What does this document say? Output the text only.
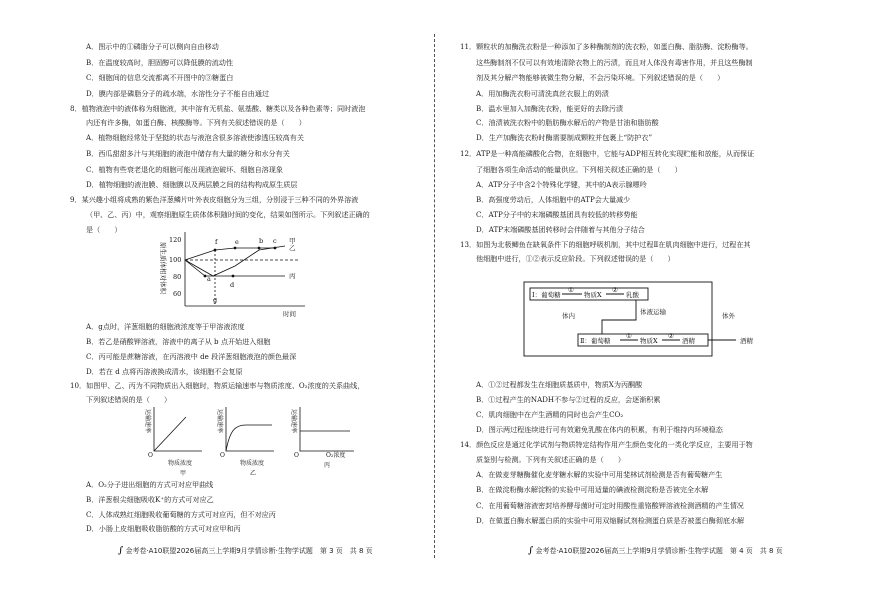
A．图示中的①磷脂分子可以侧向自由移动
B．在温度较高时，胆固醇可以降低膜的流动性
C．细胞间的信息交流都离不开图中的③糖蛋白
D．膜内部是磷脂分子的疏水端，水溶性分子不能自由通过
8．植物液泡中的液体称为细胞液，其中溶有无机盐、氨基酸、糖类以及各种色素等；同时液泡
内还有许多酶，如蛋白酶、核酸酶等。下列有关叙述错误的是（　　）
A．植物细胞经常处于坚挺的状态与液泡含很多溶液使渗透压较高有关
B．西瓜甜甜多汁与其细胞的液泡中储存有大量的糖分和水分有关
C．植物有些衰老退化的细胞可能出现液泡破坏、细胞自溶现象
D．植物细胞的液泡膜、细胞膜以及两层膜之间的结构构成原生质层
9．某兴趣小组将成熟的紫色洋葱鳞片叶外表皮细胞分为三组，分别浸于三种不同的外界溶液
（甲、乙、丙）中，观察细胞原生质体体积随时间的变化，结果如图所示。下列叙述正确的
是（　　）
原生质体相对体积
120
100
80
60
时间
f	e	b c
a
d
g
甲
乙
丙
A．g点时，洋葱细胞的细胞液浓度等于甲溶液浓度
B．若乙是硝酸钾溶液，溶液中的离子从 b 点开始进入细胞
C．丙可能是蔗糖溶液，在丙溶液中 de 段洋葱细胞液泡的颜色最深
D．若在 d 点将丙溶液换成清水，该细胞不会复原
10．如图甲、乙、丙为不同物质出入细胞时，物质运输速率与物质浓度、O₂浓度的关系曲线，
下列叙述错误的是（　　）
运输速率	运输速率	运输速率
O	O	O
物质浓度	物质浓度
O₂浓度
甲	乙
丙
A．O₂分子进出细胞的方式可对应甲曲线
B．洋葱根尖细胞吸收K⁺的方式可对应乙
C．人体成熟红细胞吸收葡萄糖的方式可对应丙，但不对应丙
D．小肠上皮细胞吸收脂肪酸的方式可对应甲和丙
∫ 金考卷·A10联盟2026届高三上学期9月学情诊断·生物学试题　第 3 页　共 8 页
11．颗粒状的加酶洗衣粉是一种添加了多种酶制剂的洗衣粉，如蛋白酶、脂肪酶、淀粉酶等。
这些酶制剂不仅可以有效地清除衣物上的污渍，而且对人体没有毒害作用，并且这些酶制
剂及其分解产物能够被微生物分解，不会污染环境。下列叙述错误的是（　　）
A．用加酶洗衣粉可清洗真丝衣服上的奶渍
B．温水里加入加酶洗衣粉，能更好的去除污渍
C．油渍被洗衣粉中的脂肪酶水解后的产物是甘油和脂肪酸
D．生产加酶洗衣粉时酶需要制成颗粒并包裹上“防护衣”
12．ATP是一种高能磷酸化合物，在细胞中，它能与ADP相互转化实现贮能和放能，从而保证
了细胞各项生命活动的能量供应。下列相关叙述正确的是（　　）
A．ATP分子中含2个特殊化学键，其中的A表示腺嘌呤
B．高强度劳动后，人体细胞中的ATP会大量减少
C．ATP分子中的末端磷酸基团具有较低的转移势能
D．ATP末端磷酸基团转移时会伴随着与其他分子结合
13．如图为北极鲫鱼在缺氧条件下的细胞呼吸机制，其中过程Ⅱ在肌肉细胞中进行，过程在其
他细胞中进行，①②表示反应阶段。下列叙述错误的是（　　）
Ⅰ：葡萄糖
①
物质X
②
乳酸
体内	体液运输	体外
Ⅱ：葡萄糖
①
物质X
②
酒精	酒精
A．①②过程都发生在细胞质基质中，物质X为丙酮酸
B．①过程产生的NADH不参与②过程的反应，会逐渐积累
C．肌肉细胞中在产生酒精的同时也会产生CO₂
D．图示两过程连续进行可有效避免乳酸在体内的积累，有利于维持内环境稳态
14．颜色反应是通过化学试剂与物质特定结构作用产生颜色变化的一类化学反应，主要用于物
质鉴别与检测。下列有关叙述正确的是（　　）
A．在做麦芽糖酶催化麦芽糖水解的实验中可用斐林试剂检测是否有葡萄糖产生
B．在做淀粉酶水解淀粉的实验中可用适量的碘液检测淀粉是否被完全水解
C．在用葡萄糖溶液密封培养酵母菌时可定时用酸性重铬酸钾溶液检测酒精的产生情况
D．在做蛋白酶水解蛋白质的实验中可用双缩脲试剂检测蛋白质是否被蛋白酶彻底水解
∫ 金考卷·A10联盟2026届高三上学期9月学情诊断·生物学试题　第 4 页　共 8 页
